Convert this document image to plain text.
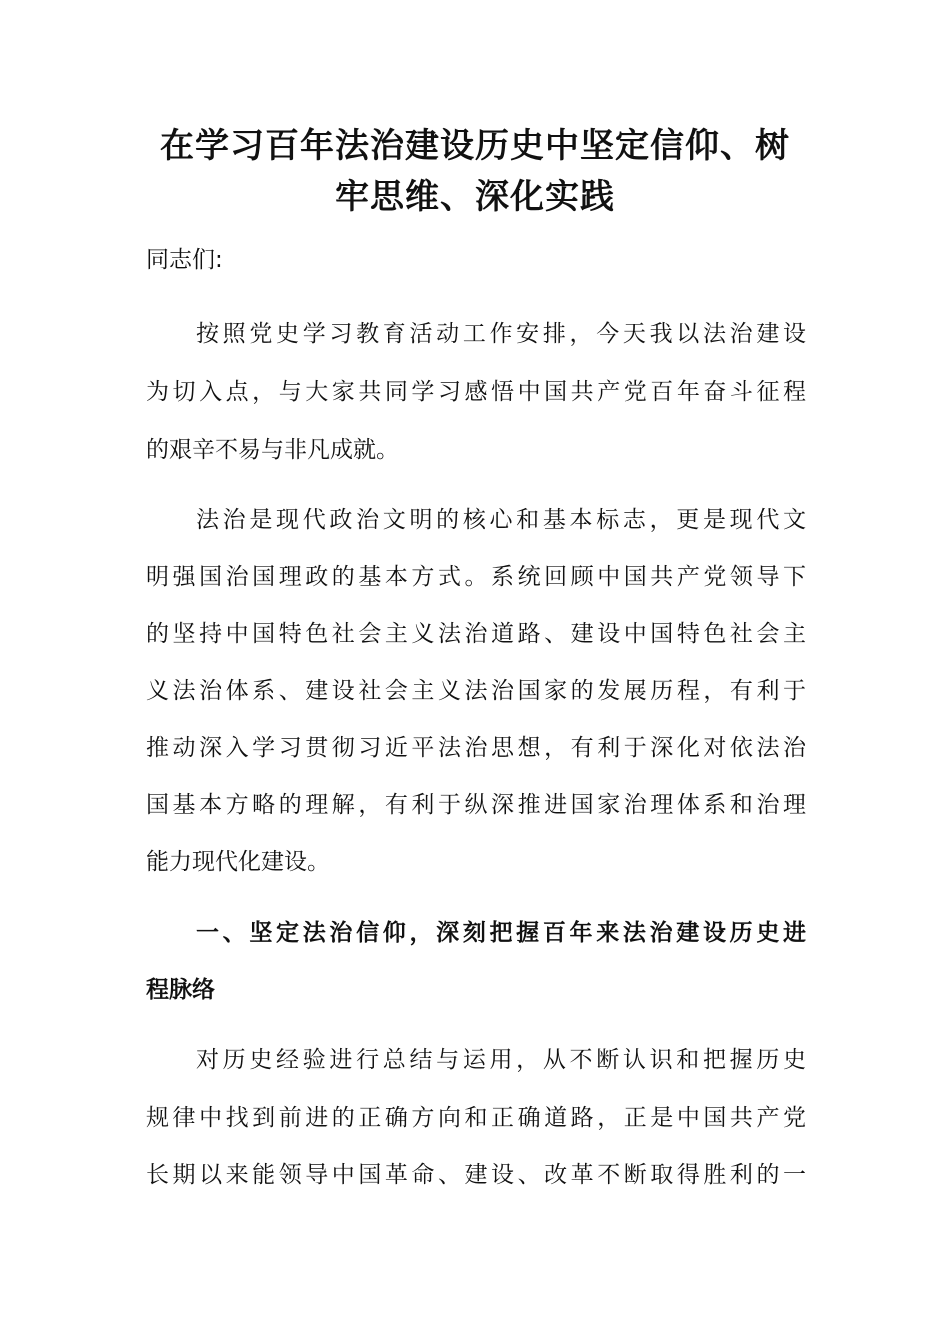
在学习百年法治建设历史中坚定信仰、树
牢思维、深化实践

同志们:

按照党史学习教育活动工作安排，今天我以法治建设

为切入点，与大家共同学习感悟中国共产党百年奋斗征程

的艰辛不易与非凡成就。

法治是现代政治文明的核心和基本标志，更是现代文

明强国治国理政的基本方式。系统回顾中国共产党领导下

的坚持中国特色社会主义法治道路、建设中国特色社会主

义法治体系、建设社会主义法治国家的发展历程，有利于

推动深入学习贯彻习近平法治思想，有利于深化对依法治

国基本方略的理解，有利于纵深推进国家治理体系和治理

能力现代化建设。

一、坚定法治信仰，深刻把握百年来法治建设历史进

程脉络

对历史经验进行总结与运用，从不断认识和把握历史

规律中找到前进的正确方向和正确道路，正是中国共产党

长期以来能领导中国革命、建设、改革不断取得胜利的一
